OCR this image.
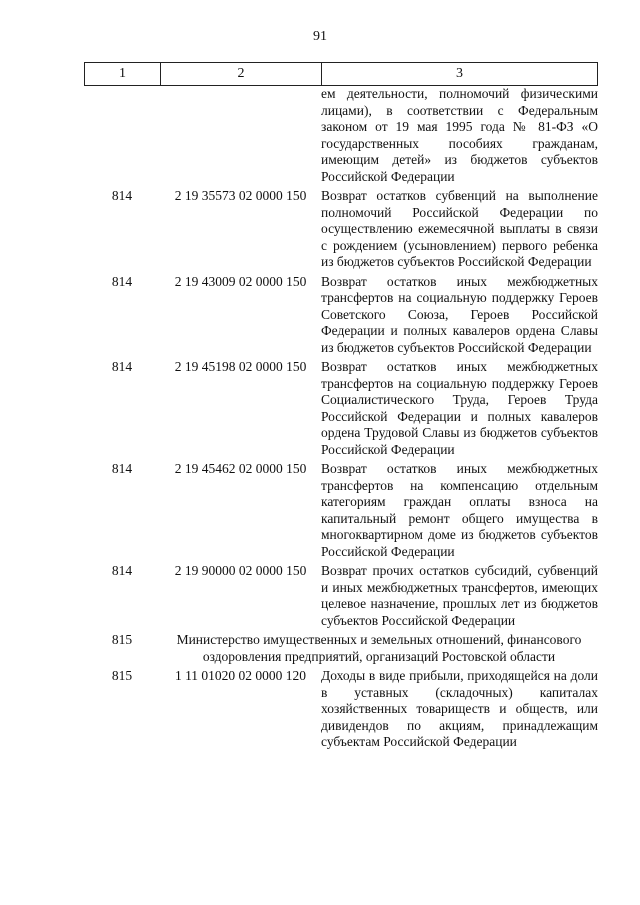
91
1	2	3
ем деятельности, полномочий физическими лицами), в соответствии с Федеральным законом от 19 мая 1995 года № 81-ФЗ «О государственных пособиях гражданам, имеющим детей» из бюджетов субъектов Российской Федерации
814	2 19 35573 02 0000 150	Возврат остатков субвенций на выполнение полномочий Российской Федерации по осуществлению ежемесячной выплаты в связи с рождением (усыновлением) первого ребенка из бюджетов субъектов Российской Федерации
814	2 19 43009 02 0000 150	Возврат остатков иных межбюджетных трансфертов на социальную поддержку Героев Советского Союза, Героев Российской Федерации и полных кавалеров ордена Славы из бюджетов субъектов Российской Федерации
814	2 19 45198 02 0000 150	Возврат остатков иных межбюджетных трансфертов на социальную поддержку Героев Социалистического Труда, Героев Труда Российской Федерации и полных кавалеров ордена Трудовой Славы из бюджетов субъектов Российской Федерации
814	2 19 45462 02 0000 150	Возврат остатков иных межбюджетных трансфертов на компенсацию отдельным категориям граждан оплаты взноса на капитальный ремонт общего имущества в многоквартирном доме из бюджетов субъектов Российской Федерации
814	2 19 90000 02 0000 150	Возврат прочих остатков субсидий, субвенций и иных межбюджетных трансфертов, имеющих целевое назначение, прошлых лет из бюджетов субъектов Российской Федерации
815	Министерство имущественных и земельных отношений, финансового оздоровления предприятий, организаций Ростовской области
815	1 11 01020 02 0000 120	Доходы в виде прибыли, приходящейся на доли в уставных (складочных) капиталах хозяйственных товариществ и обществ, или дивидендов по акциям, принадлежащим субъектам Российской Федерации
